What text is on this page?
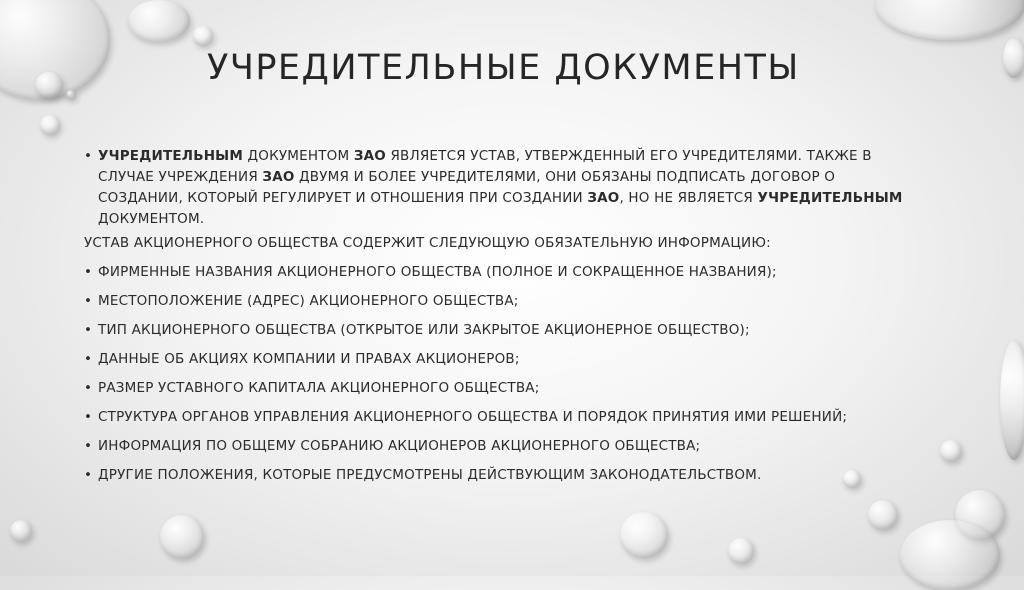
УЧРЕДИТЕЛЬНЫЕ ДОКУМЕНТЫ
• УЧРЕДИТЕЛЬНЫМ ДОКУМЕНТОМ ЗАО ЯВЛЯЕТСЯ УСТАВ, УТВЕРЖДЕННЫЙ ЕГО УЧРЕДИТЕЛЯМИ. ТАКЖЕ В СЛУЧАЕ УЧРЕЖДЕНИЯ ЗАО ДВУМЯ И БОЛЕЕ УЧРЕДИТЕЛЯМИ, ОНИ ОБЯЗАНЫ ПОДПИСАТЬ ДОГОВОР О СОЗДАНИИ, КОТОРЫЙ РЕГУЛИРУЕТ И ОТНОШЕНИЯ ПРИ СОЗДАНИИ ЗАО, НО НЕ ЯВЛЯЕТСЯ УЧРЕДИТЕЛЬНЫМ ДОКУМЕНТОМ.
УСТАВ АКЦИОНЕРНОГО ОБЩЕСТВА СОДЕРЖИТ СЛЕДУЮЩУЮ ОБЯЗАТЕЛЬНУЮ ИНФОРМАЦИЮ:
• ФИРМЕННЫЕ НАЗВАНИЯ АКЦИОНЕРНОГО ОБЩЕСТВА (ПОЛНОЕ И СОКРАЩЕННОЕ НАЗВАНИЯ);
• МЕСТОПОЛОЖЕНИЕ (АДРЕС) АКЦИОНЕРНОГО ОБЩЕСТВА;
• ТИП АКЦИОНЕРНОГО ОБЩЕСТВА (ОТКРЫТОЕ ИЛИ ЗАКРЫТОЕ АКЦИОНЕРНОЕ ОБЩЕСТВО);
• ДАННЫЕ ОБ АКЦИЯХ КОМПАНИИ И ПРАВАХ АКЦИОНЕРОВ;
• РАЗМЕР УСТАВНОГО КАПИТАЛА АКЦИОНЕРНОГО ОБЩЕСТВА;
• СТРУКТУРА ОРГАНОВ УПРАВЛЕНИЯ АКЦИОНЕРНОГО ОБЩЕСТВА И ПОРЯДОК ПРИНЯТИЯ ИМИ РЕШЕНИЙ;
• ИНФОРМАЦИЯ ПО ОБЩЕМУ СОБРАНИЮ АКЦИОНЕРОВ АКЦИОНЕРНОГО ОБЩЕСТВА;
• ДРУГИЕ ПОЛОЖЕНИЯ, КОТОРЫЕ ПРЕДУСМОТРЕНЫ ДЕЙСТВУЮЩИМ ЗАКОНОДАТЕЛЬСТВОМ.
